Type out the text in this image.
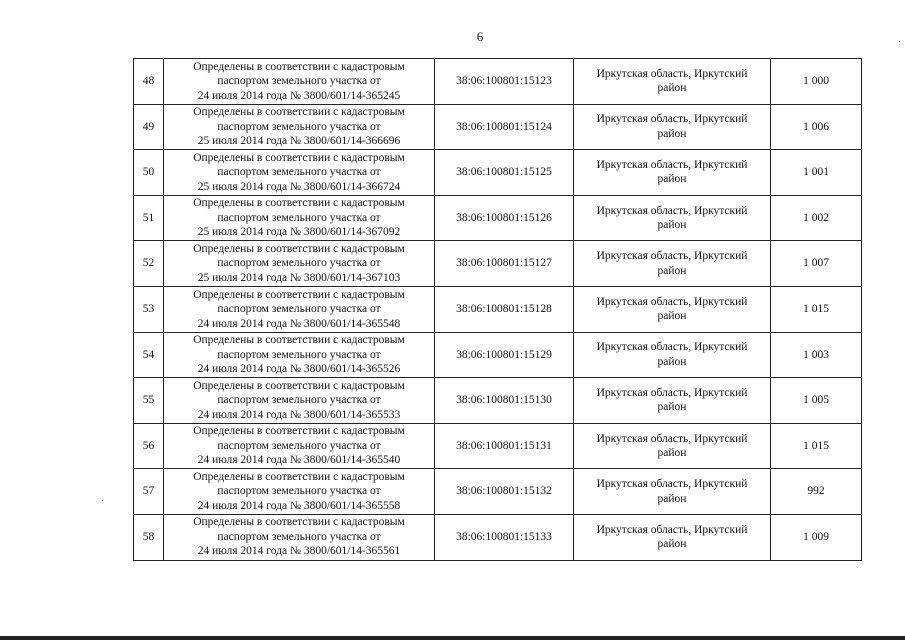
6
48	Определены в соответствии с кадастровым
паспортом земельного участка от
24 июля 2014 года № 3800/601/14-365245	38:06:100801:15123	Иркутская область, Иркутский
район	1 000
49	Определены в соответствии с кадастровым
паспортом земельного участка от
25 июля 2014 года № 3800/601/14-366696	38:06:100801:15124	Иркутская область, Иркутский
район	1 006
50	Определены в соответствии с кадастровым
паспортом земельного участка от
25 июля 2014 года № 3800/601/14-366724	38:06:100801:15125	Иркутская область, Иркутский
район	1 001
51	Определены в соответствии с кадастровым
паспортом земельного участка от
25 июля 2014 года № 3800/601/14-367092	38:06:100801:15126	Иркутская область, Иркутский
район	1 002
52	Определены в соответствии с кадастровым
паспортом земельного участка от
25 июля 2014 года № 3800/601/14-367103	38:06:100801:15127	Иркутская область, Иркутский
район	1 007
53	Определены в соответствии с кадастровым
паспортом земельного участка от
24 июля 2014 года № 3800/601/14-365548	38:06:100801:15128	Иркутская область, Иркутский
район	1 015
54	Определены в соответствии с кадастровым
паспортом земельного участка от
24 июля 2014 года № 3800/601/14-365526	38:06:100801:15129	Иркутская область, Иркутский
район	1 003
55	Определены в соответствии с кадастровым
паспортом земельного участка от
24 июля 2014 года № 3800/601/14-365533	38:06:100801:15130	Иркутская область, Иркутский
район	1 005
56	Определены в соответствии с кадастровым
паспортом земельного участка от
24 июля 2014 года № 3800/601/14-365540	38:06:100801:15131	Иркутская область, Иркутский
район	1 015
57	Определены в соответствии с кадастровым
паспортом земельного участка от
24 июля 2014 года № 3800/601/14-365558	38:06:100801:15132	Иркутская область, Иркутский
район	992
58	Определены в соответствии с кадастровым
паспортом земельного участка от
24 июля 2014 года № 3800/601/14-365561	38:06:100801:15133	Иркутская область, Иркутский
район	1 009
